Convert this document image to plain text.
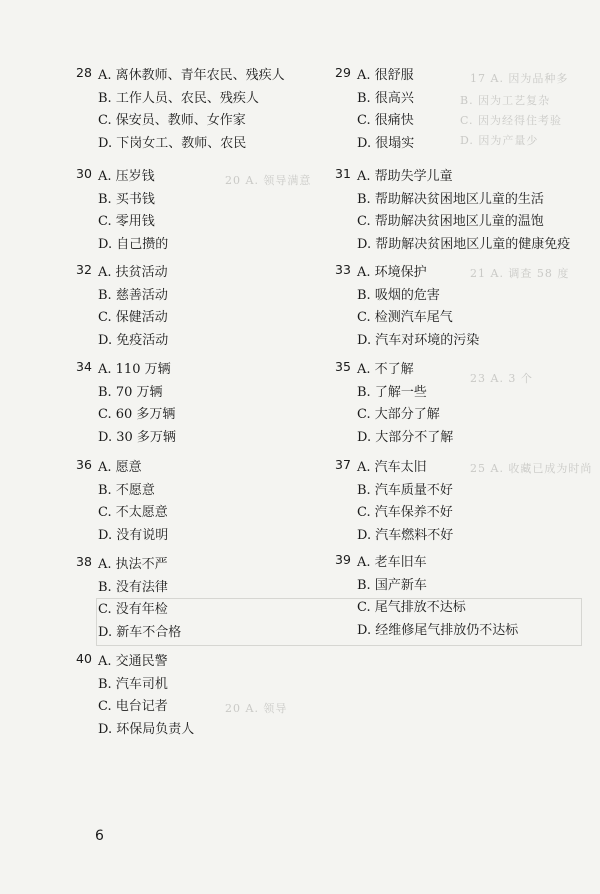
17 A. 因为品种多
B. 因为工艺复杂
C. 因为经得住考验
D. 因为产量少
20 A. 领导满意
21 A. 调查 58 度
23 A. 3 个
25 A. 收藏已成为时尚
20 A. 领导
28 A. 离休教师、青年农民、残疾人
B. 工作人员、农民、残疾人
C. 保安员、教师、女作家
D. 下岗女工、教师、农民
29 A. 很舒服
B. 很高兴
C. 很痛快
D. 很塌实
30 A. 压岁钱
B. 买书钱
C. 零用钱
D. 自己攒的
31 A. 帮助失学儿童
B. 帮助解决贫困地区儿童的生活
C. 帮助解决贫困地区儿童的温饱
D. 帮助解决贫困地区儿童的健康免疫
32 A. 扶贫活动
B. 慈善活动
C. 保健活动
D. 免疫活动
33 A. 环境保护
B. 吸烟的危害
C. 检测汽车尾气
D. 汽车对环境的污染
34 A. 110 万辆
B. 70 万辆
C. 60 多万辆
D. 30 多万辆
35 A. 不了解
B. 了解一些
C. 大部分了解
D. 大部分不了解
36 A. 愿意
B. 不愿意
C. 不太愿意
D. 没有说明
37 A. 汽车太旧
B. 汽车质量不好
C. 汽车保养不好
D. 汽车燃料不好
38 A. 执法不严
B. 没有法律
C. 没有年检
D. 新车不合格
39 A. 老车旧车
B. 国产新车
C. 尾气排放不达标
D. 经维修尾气排放仍不达标
40 A. 交通民警
B. 汽车司机
C. 电台记者
D. 环保局负责人
6
